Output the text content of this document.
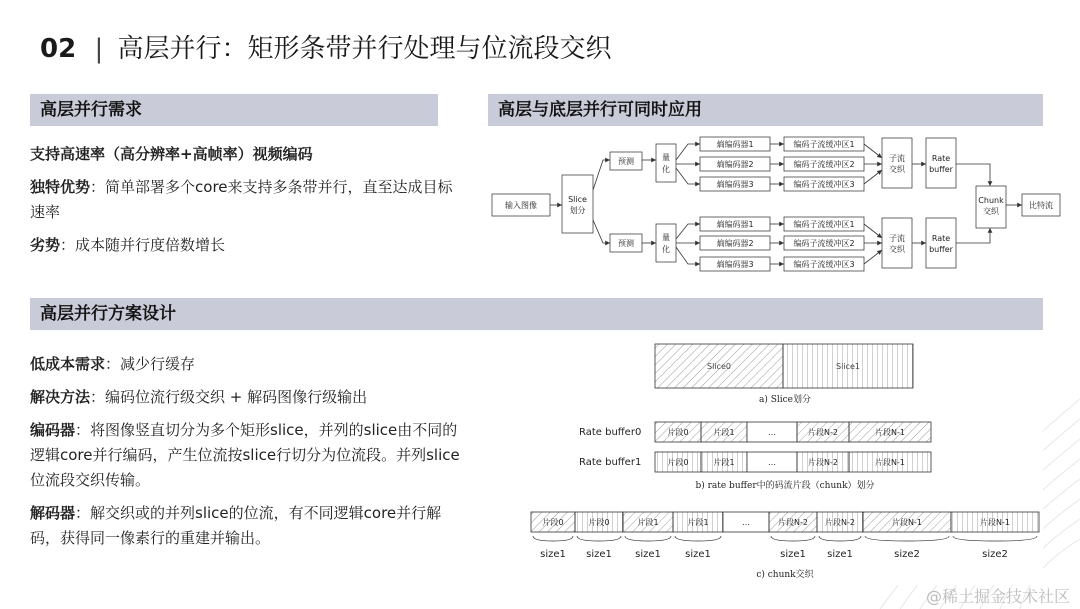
02 | 高层并行：矩形条带并行处理与位流段交织
高层并行需求	高层与底层并行可同时应用
高层并行方案设计

支持高速率（高分辨率+高帧率）视频编码

独特优势：简单部署多个core来支持多条带并行，直至达成目标速率

劣势：成本随并行度倍数增长

低成本需求：减少行缓存

解决方法：编码位流行级交织 + 解码图像行级输出

编码器：将图像竖直切分为多个矩形slice，并列的slice由不同的逻辑core并行编码，产生位流按slice行切分为位流段。并列slice位流段交织传输。

解码器：解交织或的并列slice的位流，有不同逻辑core并行解码，获得同一像素行的重建并输出。

输入图像
Slice
划分
预测
预测
量
化
量
化
熵编码器1
熵编码器2
熵编码器3
熵编码器1
熵编码器2
熵编码器3
编码子流缓冲区1
编码子流缓冲区2
编码子流缓冲区3
编码子流缓冲区1
编码子流缓冲区2
编码子流缓冲区3
子流
交织
子流
交织
Rate
buffer
Rate
buffer
Chunk
交织
比特流
Slice0	Slice1
a) Slice划分
Rate buffer0
Rate buffer1
片段0	片段1	…	片段N-2	片段N-1
片段0	片段1	…	片段N-2	片段N-1
b) rate buffer中的码流片段（chunk）划分
片段0	片段0	片段1	片段1	…	片段N-2 片段N-2	片段N-1	片段N-1
size1 size1 size1 size1	size1 size1	size2	size2
c) chunk交织
@稀土掘金技术社区
